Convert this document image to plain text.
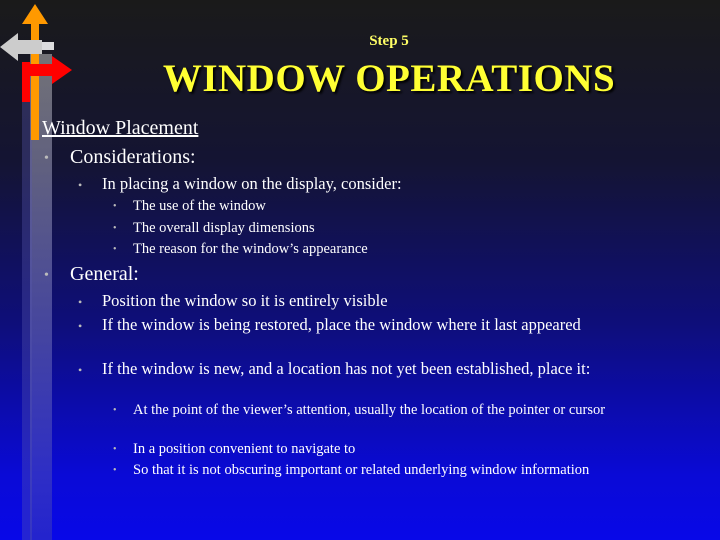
Step 5
WINDOW OPERATIONS
Window Placement
•	Considerations:
•	In placing a window on the display, consider:
•	The use of the window
•	The overall display dimensions
•	The reason for the window’s appearance
•	General:
•	Position the window so it is entirely visible
•	If the window is being restored, place the window where it last appeared
•	If the window is new, and a location has not yet been established, place it:
•	At the point of the viewer’s attention, usually the location of the pointer or cursor
•	In a position convenient to navigate to
•	So that it is not obscuring important or related underlying window information
